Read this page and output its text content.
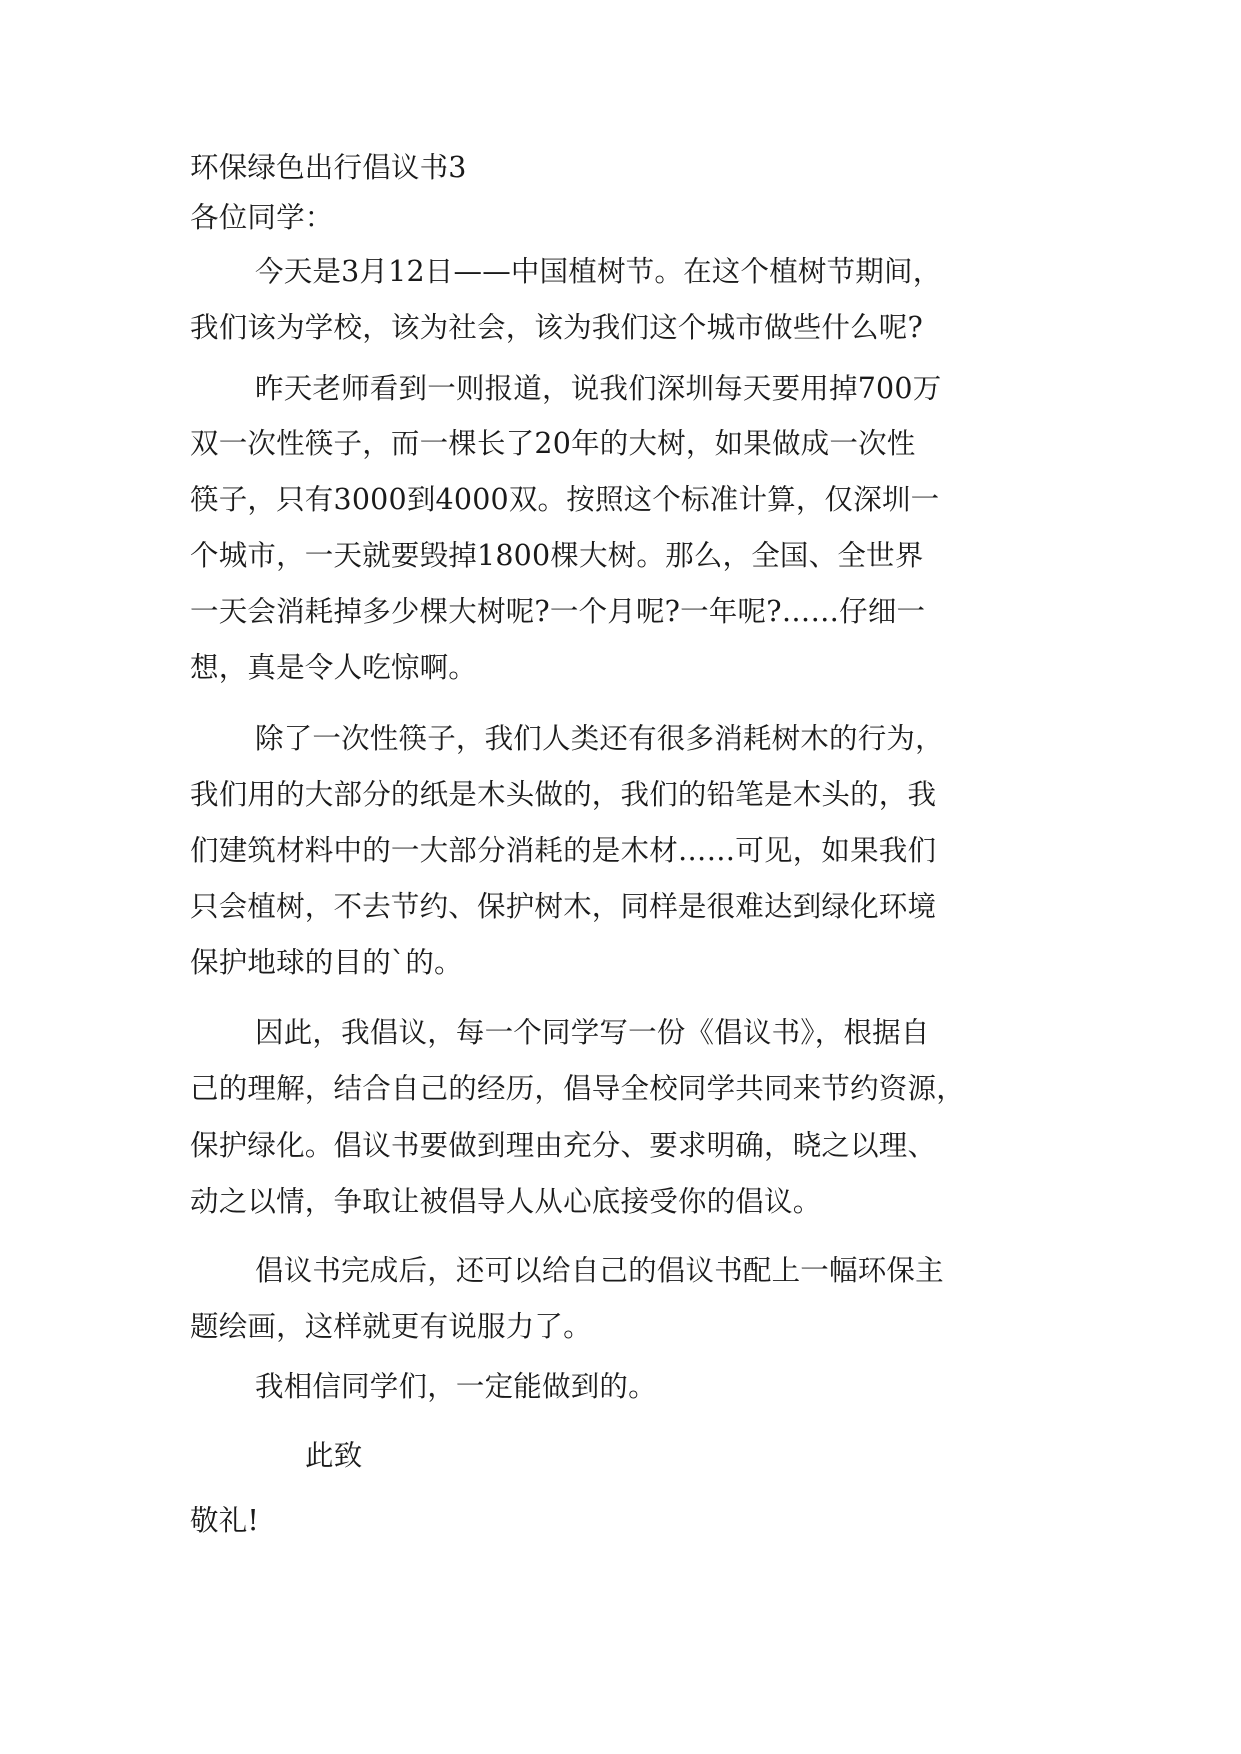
环保绿色出行倡议书3

各位同学：

今天是3月12日——中国植树节。在这个植树节期间，

我们该为学校，该为社会，该为我们这个城市做些什么呢?

昨天老师看到一则报道，说我们深圳每天要用掉700万

双一次性筷子，而一棵长了20年的大树，如果做成一次性

筷子，只有3000到4000双。按照这个标准计算，仅深圳一

个城市，一天就要毁掉1800棵大树。那么，全国、全世界

一天会消耗掉多少棵大树呢?一个月呢?一年呢?……仔细一

想，真是令人吃惊啊。

除了一次性筷子，我们人类还有很多消耗树木的行为，

我们用的大部分的纸是木头做的，我们的铅笔是木头的，我

们建筑材料中的一大部分消耗的是木材……可见，如果我们

只会植树，不去节约、保护树木，同样是很难达到绿化环境

保护地球的目的`的。

因此，我倡议，每一个同学写一份《倡议书》，根据自

己的理解，结合自己的经历，倡导全校同学共同来节约资源，

保护绿化。倡议书要做到理由充分、要求明确，晓之以理、

动之以情，争取让被倡导人从心底接受你的倡议。

倡议书完成后，还可以给自己的倡议书配上一幅环保主

题绘画，这样就更有说服力了。

我相信同学们，一定能做到的。

此致

敬礼!
